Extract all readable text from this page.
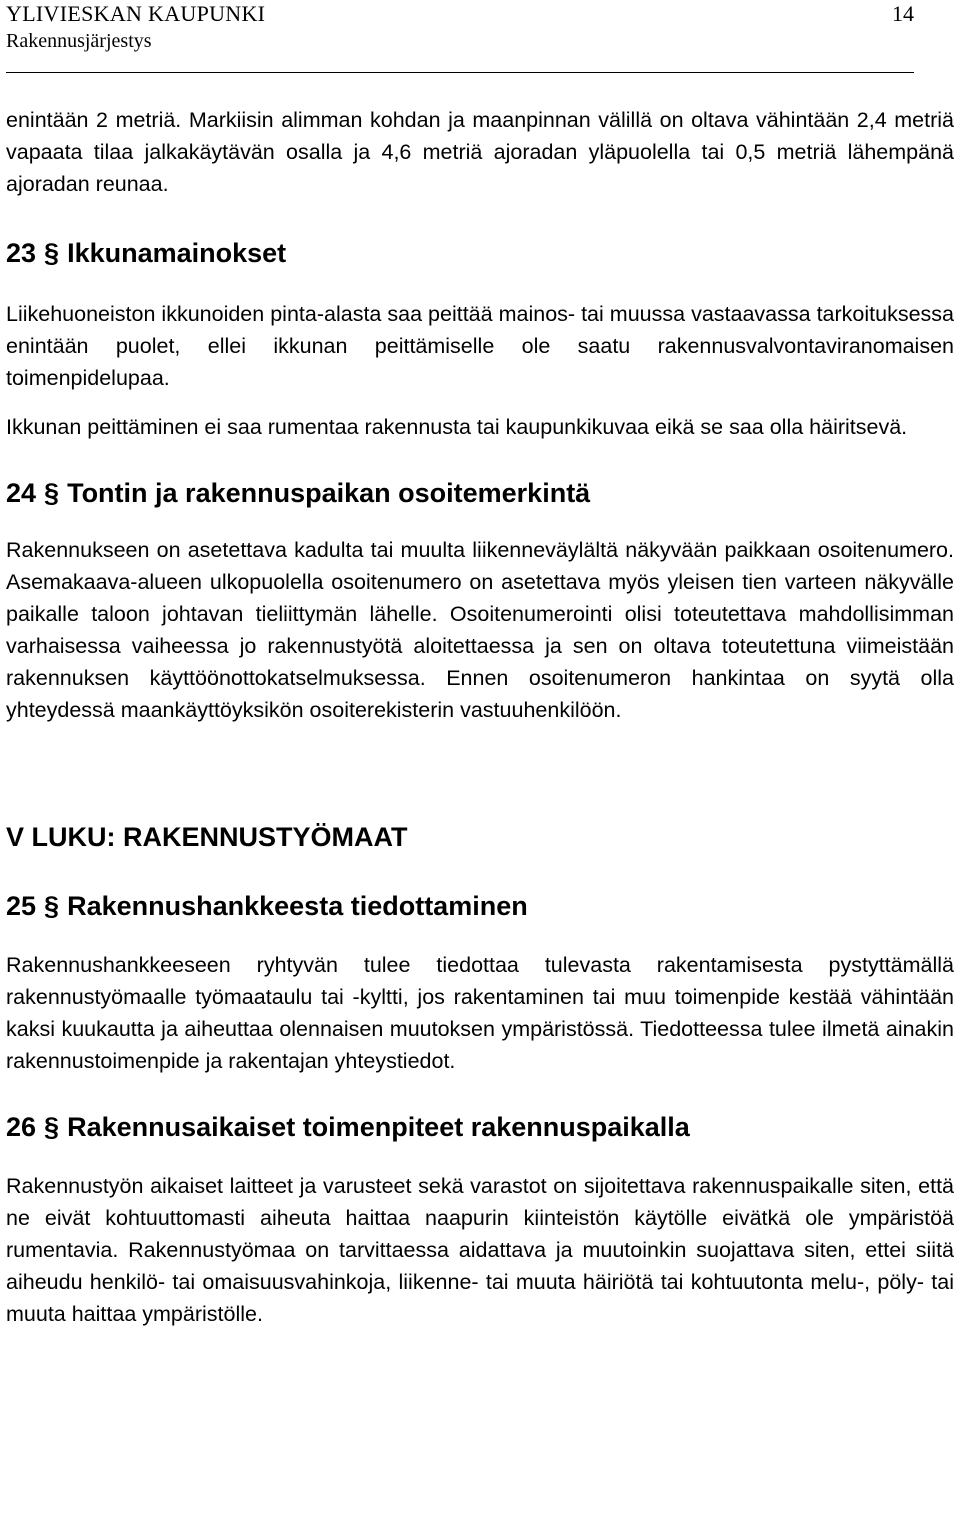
YLIVIESKAN KAUPUNKI
Rakennusjärjestys
14

enintään 2 metriä. Markiisin alimman kohdan ja maanpinnan välillä on oltava vähintään 2,4 metriä vapaata tilaa jalkakäytävän osalla ja 4,6 metriä ajoradan yläpuolella tai 0,5 metriä lähempänä ajoradan reunaa.

23 § Ikkunamainokset

Liikehuoneiston ikkunoiden pinta-alasta saa peittää mainos- tai muussa vastaavassa tarkoituksessa enintään puolet, ellei ikkunan peittämiselle ole saatu rakennusvalvontaviranomaisen toimenpidelupaa.

Ikkunan peittäminen ei saa rumentaa rakennusta tai kaupunkikuvaa eikä se saa olla häiritsevä.

24 § Tontin ja rakennuspaikan osoitemerkintä

Rakennukseen on asetettava kadulta tai muulta liikenneväylältä näkyvään paikkaan osoitenumero. Asemakaava-alueen ulkopuolella osoitenumero on asetettava myös yleisen tien varteen näkyvälle paikalle taloon johtavan tieliittymän lähelle. Osoitenumerointi olisi toteutettava mahdollisimman varhaisessa vaiheessa jo rakennustyötä aloitettaessa ja sen on oltava toteutettuna viimeistään rakennuksen käyttöönottokatselmuksessa. Ennen osoitenumeron hankintaa on syytä olla yhteydessä maankäyttöyksikön osoiterekisterin vastuuhenkilöön.

V LUKU: RAKENNUSTYÖMAAT
25 § Rakennushankkeesta tiedottaminen

Rakennushankkeeseen ryhtyvän tulee tiedottaa tulevasta rakentamisesta pystyttämällä rakennustyömaalle työmaataulu tai -kyltti, jos rakentaminen tai muu toimenpide kestää vähintään kaksi kuukautta ja aiheuttaa olennaisen muutoksen ympäristössä. Tiedotteessa tulee ilmetä ainakin rakennustoimenpide ja rakentajan yhteystiedot.

26 § Rakennusaikaiset toimenpiteet rakennuspaikalla

Rakennustyön aikaiset laitteet ja varusteet sekä varastot on sijoitettava rakennuspaikalle siten, että ne eivät kohtuuttomasti aiheuta haittaa naapurin kiinteistön käytölle eivätkä ole ympäristöä rumentavia. Rakennustyömaa on tarvittaessa aidattava ja muutoinkin suojattava siten, ettei siitä aiheudu henkilö- tai omaisuusvahinkoja, liikenne- tai muuta häiriötä tai kohtuutonta melu-, pöly- tai muuta haittaa ympäristölle.
